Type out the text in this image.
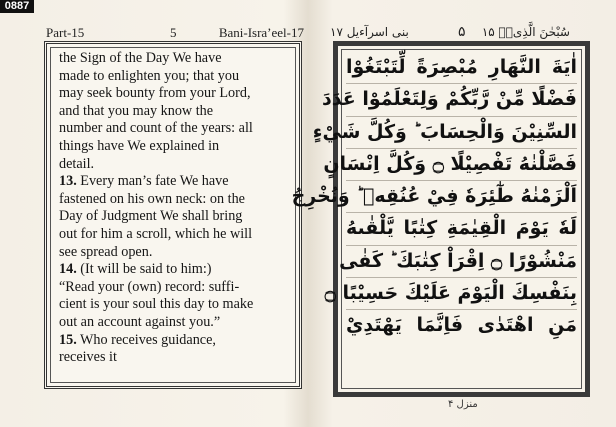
0887
Part-15	5	Bani-Isra’eel-17

the Sign of the Day We have

made to enlighten you; that you

may seek bounty from your Lord,

and that you may know the

number and count of the years: all

things have We explained in

detail.

13. Every man’s fate We have

fastened on his own neck: on the

Day of Judgment We shall bring

out for him a scroll, which he will

see spread open.

14. (It will be said to him:)

“Read your (own) record: suffi-

cient is your soul this day to make

out an account against you.”

15. Who receives guidance,

receives it

بنی اسرآءیل ۱۷	۵ سُبْحٰنَ الَّذِیۡۤ ۱۵
اٰيَةَ النَّهَارِ مُبْصِرَةً لِّتَبْتَغُوْا
فَضْلًا مِّنْ رَّبِّكُمْ وَلِتَعْلَمُوْا عَدَدَ
السِّنِيْنَ وَالْحِسَابَ ؕ وَكُلَّ شَيْءٍ
فَصَّلْنٰهُ تَفْصِيْلًا ۝ وَكُلَّ اِنْسَانٍ
اَلْزَمْنٰهُ طٰٓئِرَهٗ فِيْ عُنُقِهٖ ؕ وَنُخْرِجُ
لَهٗ يَوْمَ الْقِيٰمَةِ كِتٰبًا يَّلْقٰىهُ
مَنْشُوْرًا ۝ اِقْرَاْ كِتٰبَكَ ؕ كَفٰى
بِنَفْسِكَ الْيَوْمَ عَلَيْكَ حَسِيْبًا ۝
مَنِ اهْتَدٰى فَاِنَّمَا يَهْتَدِيْ
منزل ۴
